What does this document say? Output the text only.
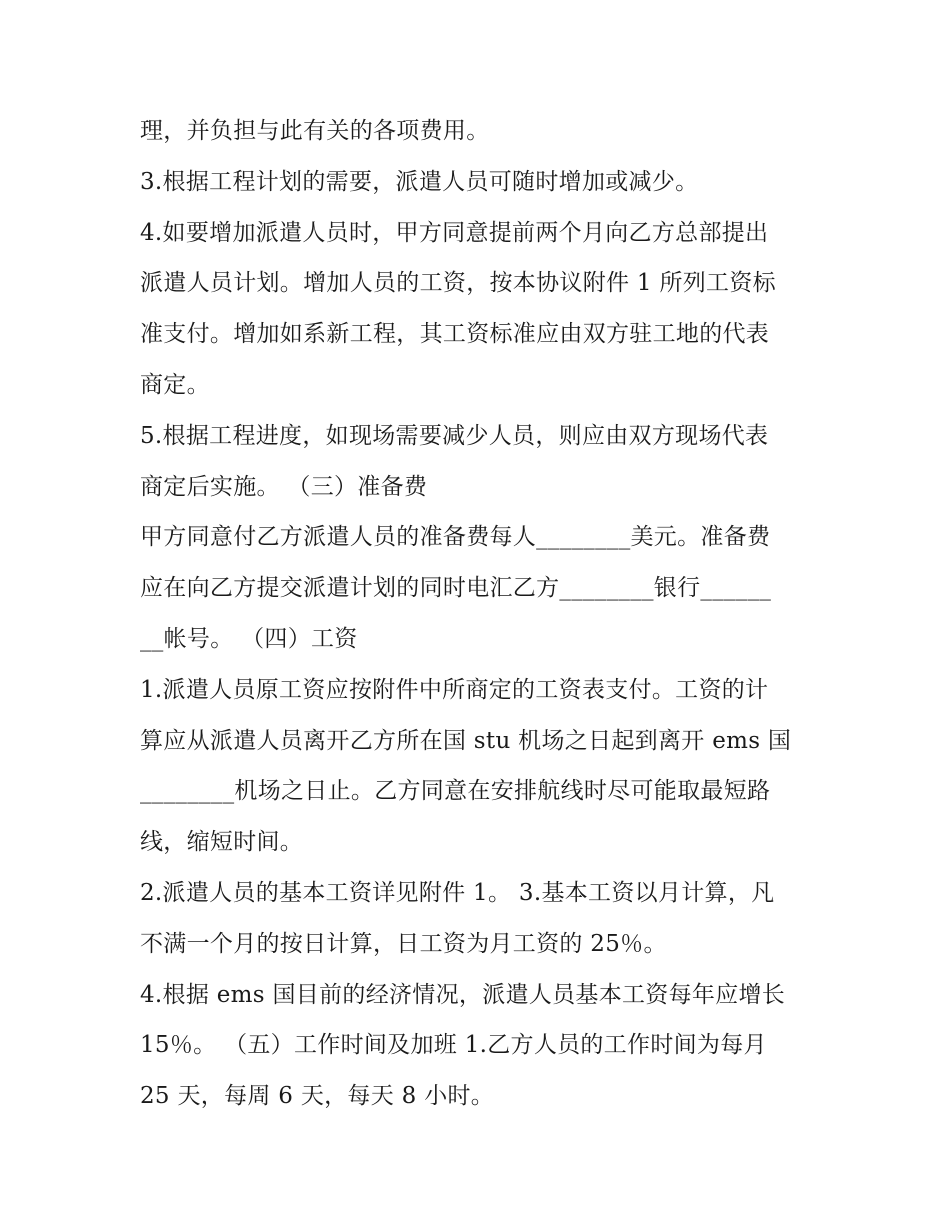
理，并负担与此有关的各项费用。
3.根据工程计划的需要，派遣人员可随时增加或减少。
4.如要增加派遣人员时，甲方同意提前两个月向乙方总部提出
派遣人员计划。增加人员的工资，按本协议附件 1 所列工资标
准支付。增加如系新工程，其工资标准应由双方驻工地的代表
商定。
5.根据工程进度，如现场需要减少人员，则应由双方现场代表
商定后实施。 （三）准备费
甲方同意付乙方派遣人员的准备费每人________美元。准备费
应在向乙方提交派遣计划的同时电汇乙方________银行______
__帐号。 （四）工资
1.派遣人员原工资应按附件中所商定的工资表支付。工资的计
算应从派遣人员离开乙方所在国 stu 机场之日起到离开 ems 国
________机场之日止。乙方同意在安排航线时尽可能取最短路
线，缩短时间。
2.派遣人员的基本工资详见附件 1。 3.基本工资以月计算，凡
不满一个月的按日计算，日工资为月工资的 25％。
4.根据 ems 国目前的经济情况，派遣人员基本工资每年应增长
15％。 （五）工作时间及加班 1.乙方人员的工作时间为每月
25 天，每周 6 天，每天 8 小时。
